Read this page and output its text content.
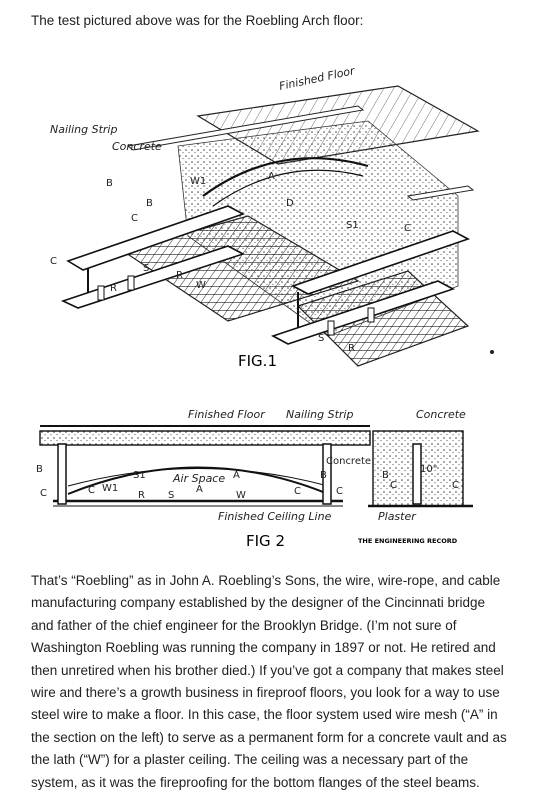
The test pictured above was for the Roebling Arch floor:

Finished Floor
Nailing Strip
Concrete
B
B
C
C
W1	A
D
S1
S
R
R	W
C
S
R
FIG.1
Finished Floor Nailing Strip	Concrete
Concrete
10"
B
C	C W1
S1
R S
Air Space A
A
W	C
B
C
B
C	C
Finished Ceiling Line	Plaster
FIG 2	THE ENGINEERING RECORD

That’s “Roebling” as in John A. Roebling’s Sons, the wire, wire-rope, and cable manufacturing company established by the designer of the Cincinnati bridge and father of the chief engineer for the Brooklyn Bridge. (I’m not sure of Washington Roebling was running the company in 1897 or not. He retired and then unretired when his brother died.) If you’ve got a company that makes steel wire and there’s a growth business in fireproof floors, you look for a way to use steel wire to make a floor. In this case, the floor system used wire mesh (“A” in the section on the left) to serve as a permanent form for a concrete vault and as the lath (“W”) for a plaster ceiling. The ceiling was a necessary part of the system, as it was the fireproofing for the bottom flanges of the steel beams.
